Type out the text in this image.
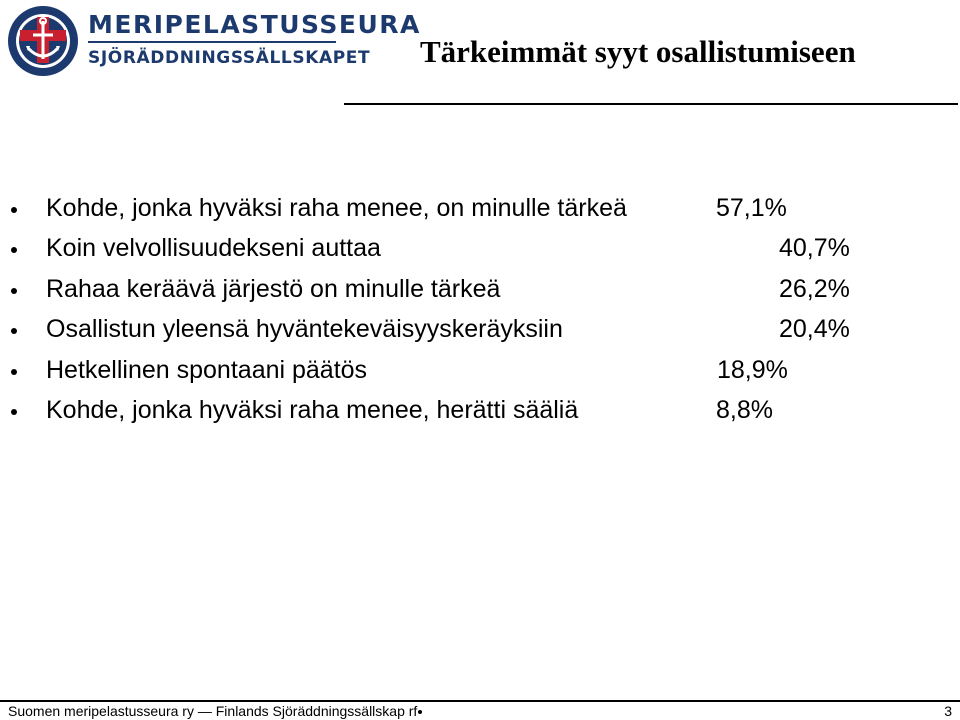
MERIPELASTUSSEURA
SJÖRÄDDNINGSSÄLLSKAPET Tärkeimmät syyt osallistumiseen
Kohde, jonka hyväksi raha menee, on minulle tärkeä	57,1%
Koin velvollisuudekseni auttaa	40,7%
Rahaa keräävä järjestö on minulle tärkeä	26,2%
Osallistun yleensä hyväntekeväisyyskeräyksiin	20,4%
Hetkellinen spontaani päätös	18,9%
Kohde, jonka hyväksi raha menee, herätti sääliä	8,8%
Suomen meripelastusseura ry — Finlands Sjöräddningssällskap rf	3
